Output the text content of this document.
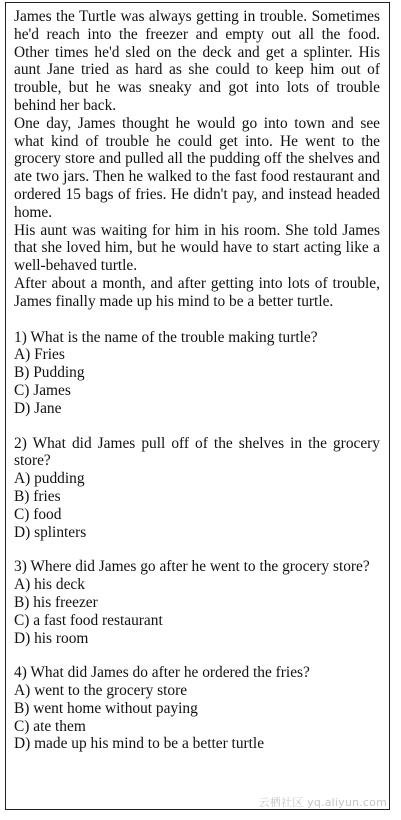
James the Turtle was always getting in trouble. Sometimes he'd reach into the freezer and empty out all the food. Other times he'd sled on the deck and get a splinter. His aunt Jane tried as hard as she could to keep him out of trouble, but he was sneaky and got into lots of trouble behind her back.

One day, James thought he would go into town and see what kind of trouble he could get into. He went to the grocery store and pulled all the pudding off the shelves and ate two jars. Then he walked to the fast food restaurant and ordered 15 bags of fries. He didn't pay, and instead headed home.

His aunt was waiting for him in his room. She told James that she loved him, but he would have to start acting like a well-behaved turtle.

After about a month, and after getting into lots of trouble, James finally made up his mind to be a better turtle.

1) What is the name of the trouble making turtle?

A) Fries
B) Pudding
C) James
D) Jane

2) What did James pull off of the shelves in the grocery store?

A) pudding
B) fries
C) food
D) splinters

3) Where did James go after he went to the grocery store?

A) his deck
B) his freezer
C) a fast food restaurant
D) his room

4) What did James do after he ordered the fries?

A) went to the grocery store
B) went home without paying
C) ate them
D) made up his mind to be a better turtle
云栖社区 yq.aliyun.com
